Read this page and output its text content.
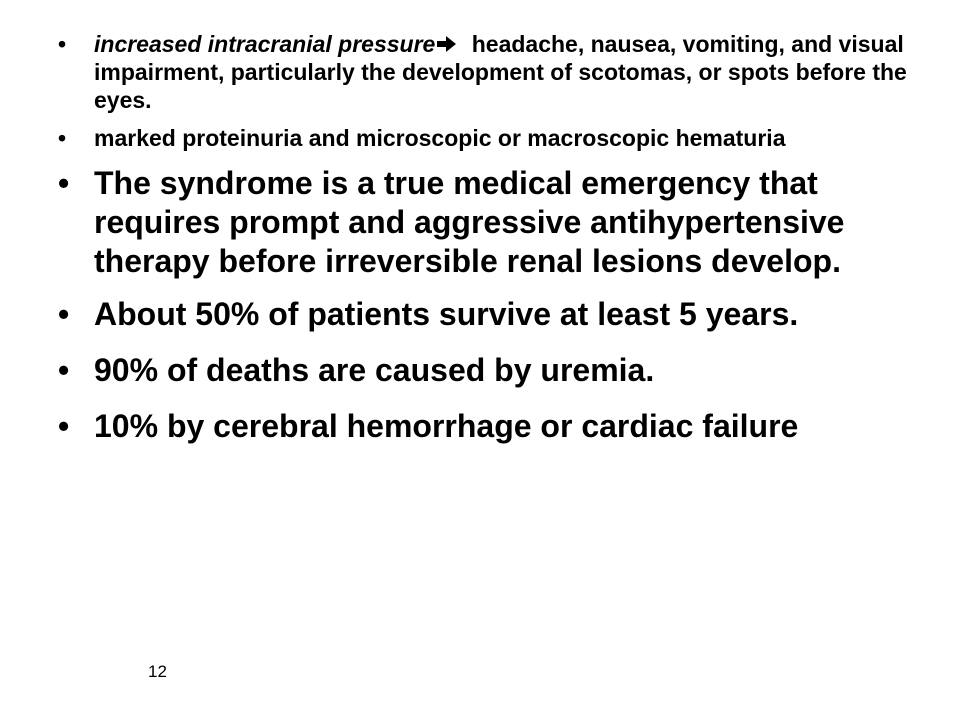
• increased intracranial pressure headache, nausea, vomiting, and visual impairment, particularly the development of scotomas, or spots before the eyes.
• marked proteinuria and microscopic or macroscopic hematuria
• The syndrome is a true medical emergency that requires prompt and aggressive antihypertensive therapy before irreversible renal lesions develop.
• About 50% of patients survive at least 5 years.
• 90% of deaths are caused by uremia.
• 10% by cerebral hemorrhage or cardiac failure
12
